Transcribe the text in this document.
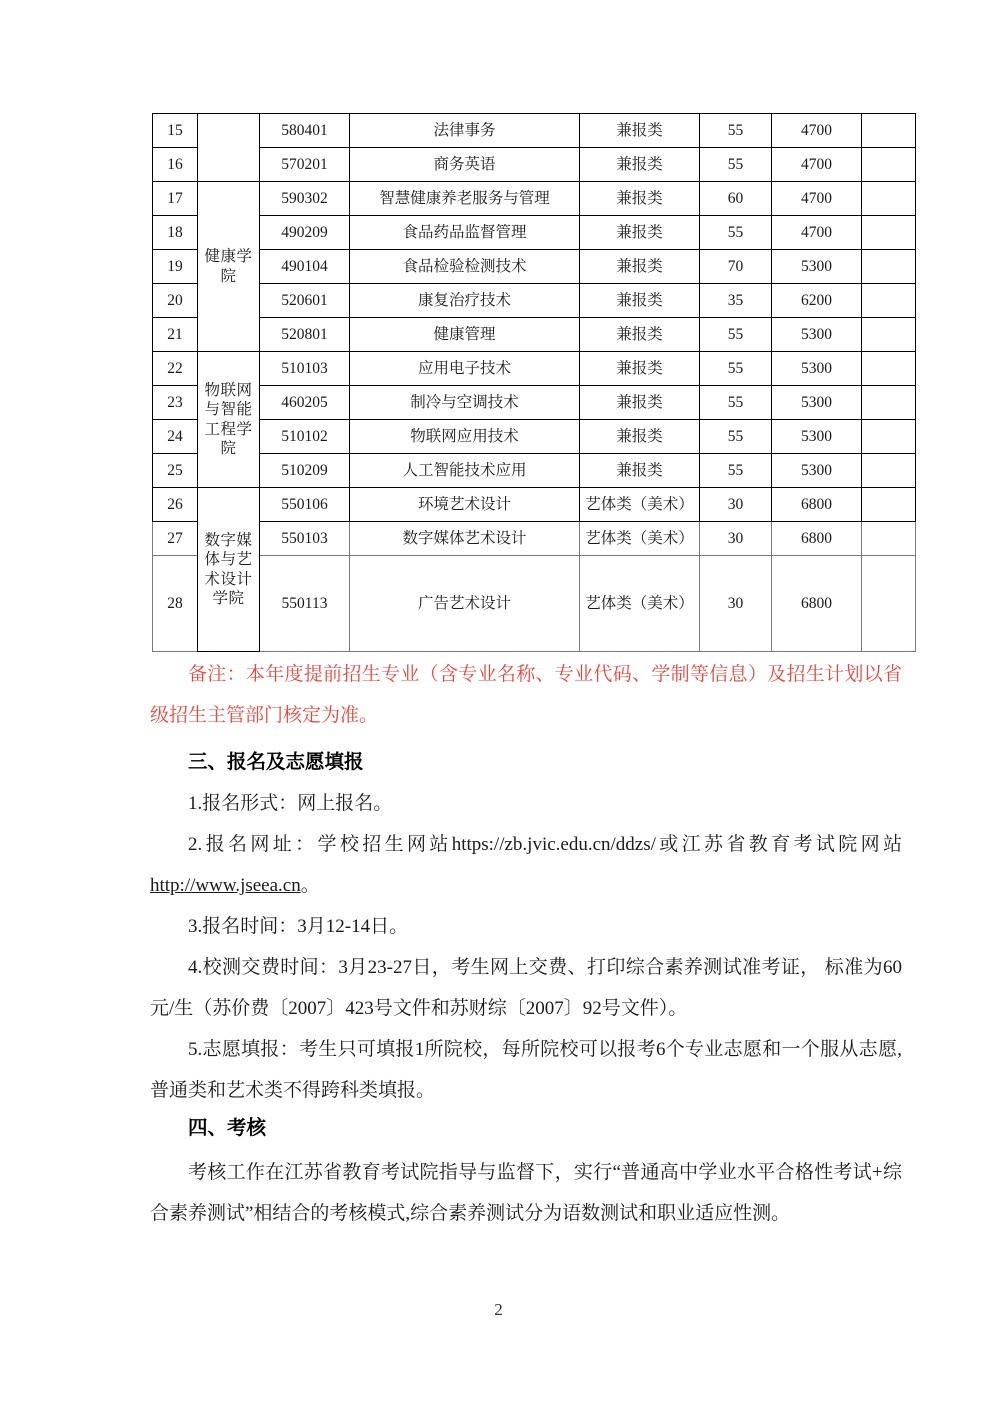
15		580401	法律事务	兼报类	55	4700	
16		570201	商务英语	兼报类	55	4700	
17	健康学院	590302	智慧健康养老服务与管理	兼报类	60	4700	
18		490209	食品药品监督管理	兼报类	55	4700	
19		490104	食品检验检测技术	兼报类	70	5300	
20		520601	康复治疗技术	兼报类	35	6200	
21		520801	健康管理	兼报类	55	5300	
22	物联网与智能工程学院	510103	应用电子技术	兼报类	55	5300	
23		460205	制冷与空调技术	兼报类	55	5300	
24		510102	物联网应用技术	兼报类	55	5300	
25		510209	人工智能技术应用	兼报类	55	5300	
26	数字媒体与艺术设计学院	550106	环境艺术设计	艺体类（美术）	30	6800	
27		550103	数字媒体艺术设计	艺体类（美术）	30	6800	
28		550113	广告艺术设计	艺体类（美术）	30	6800	
备注：本年度提前招生专业（含专业名称、专业代码、学制等信息）及招生计划以省级招生主管部门核定为准。
三、报名及志愿填报
1.报名形式：网上报名。
2.报名网址：学校招生网站https://zb.jvic.edu.cn/ddzs/或江苏省教育考试院网站http://www.jseea.cn。
3.报名时间：3月12-14日。
4.校测交费时间：3月23-27日，考生网上交费、打印综合素养测试准考证， 标准为60元/生（苏价费〔2007〕423号文件和苏财综〔2007〕92号文件）。
5.志愿填报：考生只可填报1所院校，每所院校可以报考6个专业志愿和一个服从志愿,普通类和艺术类不得跨科类填报。
四、考核
考核工作在江苏省教育考试院指导与监督下，实行“普通高中学业水平合格性考试+综合素养测试”相结合的考核模式,综合素养测试分为语数测试和职业适应性测。
2
